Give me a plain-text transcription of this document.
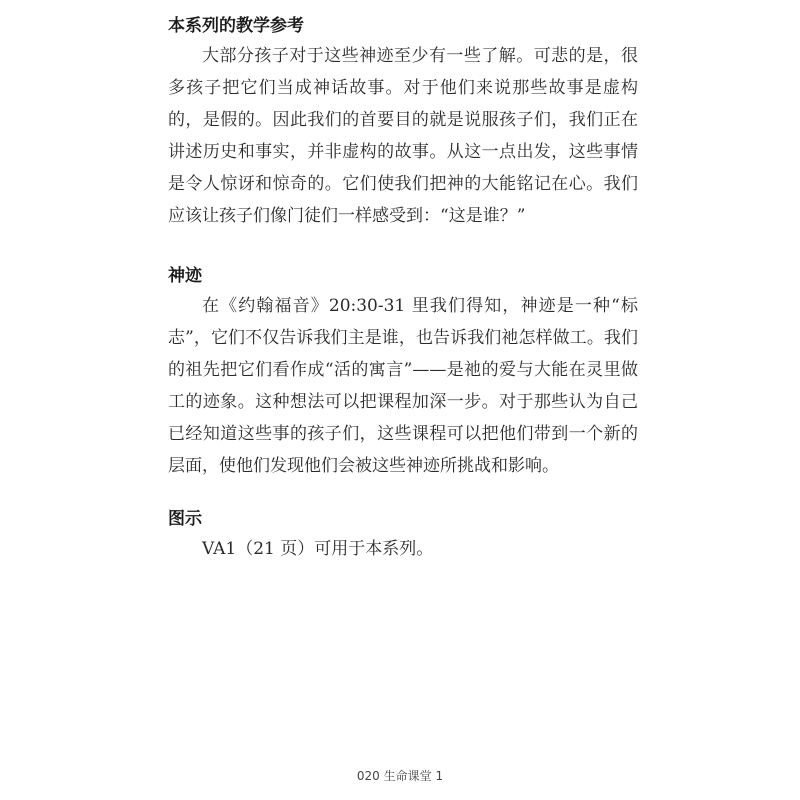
本系列的教学参考

大部分孩子对于这些神迹至少有一些了解。可悲的是，很多孩子把它们当成神话故事。对于他们来说那些故事是虚构的，是假的。因此我们的首要目的就是说服孩子们，我们正在讲述历史和事实，并非虚构的故事。从这一点出发，这些事情是令人惊讶和惊奇的。它们使我们把神的大能铭记在心。我们应该让孩子们像门徒们一样感受到：“这是谁？”

神迹

在《约翰福音》20:30-31 里我们得知，神迹是一种“标志”，它们不仅告诉我们主是谁，也告诉我们祂怎样做工。我们的祖先把它们看作成“活的寓言”——是祂的爱与大能在灵里做工的迹象。这种想法可以把课程加深一步。对于那些认为自己已经知道这些事的孩子们，这些课程可以把他们带到一个新的层面，使他们发现他们会被这些神迹所挑战和影响。

图示

VA1（21 页）可用于本系列。

020 生命课堂 1
